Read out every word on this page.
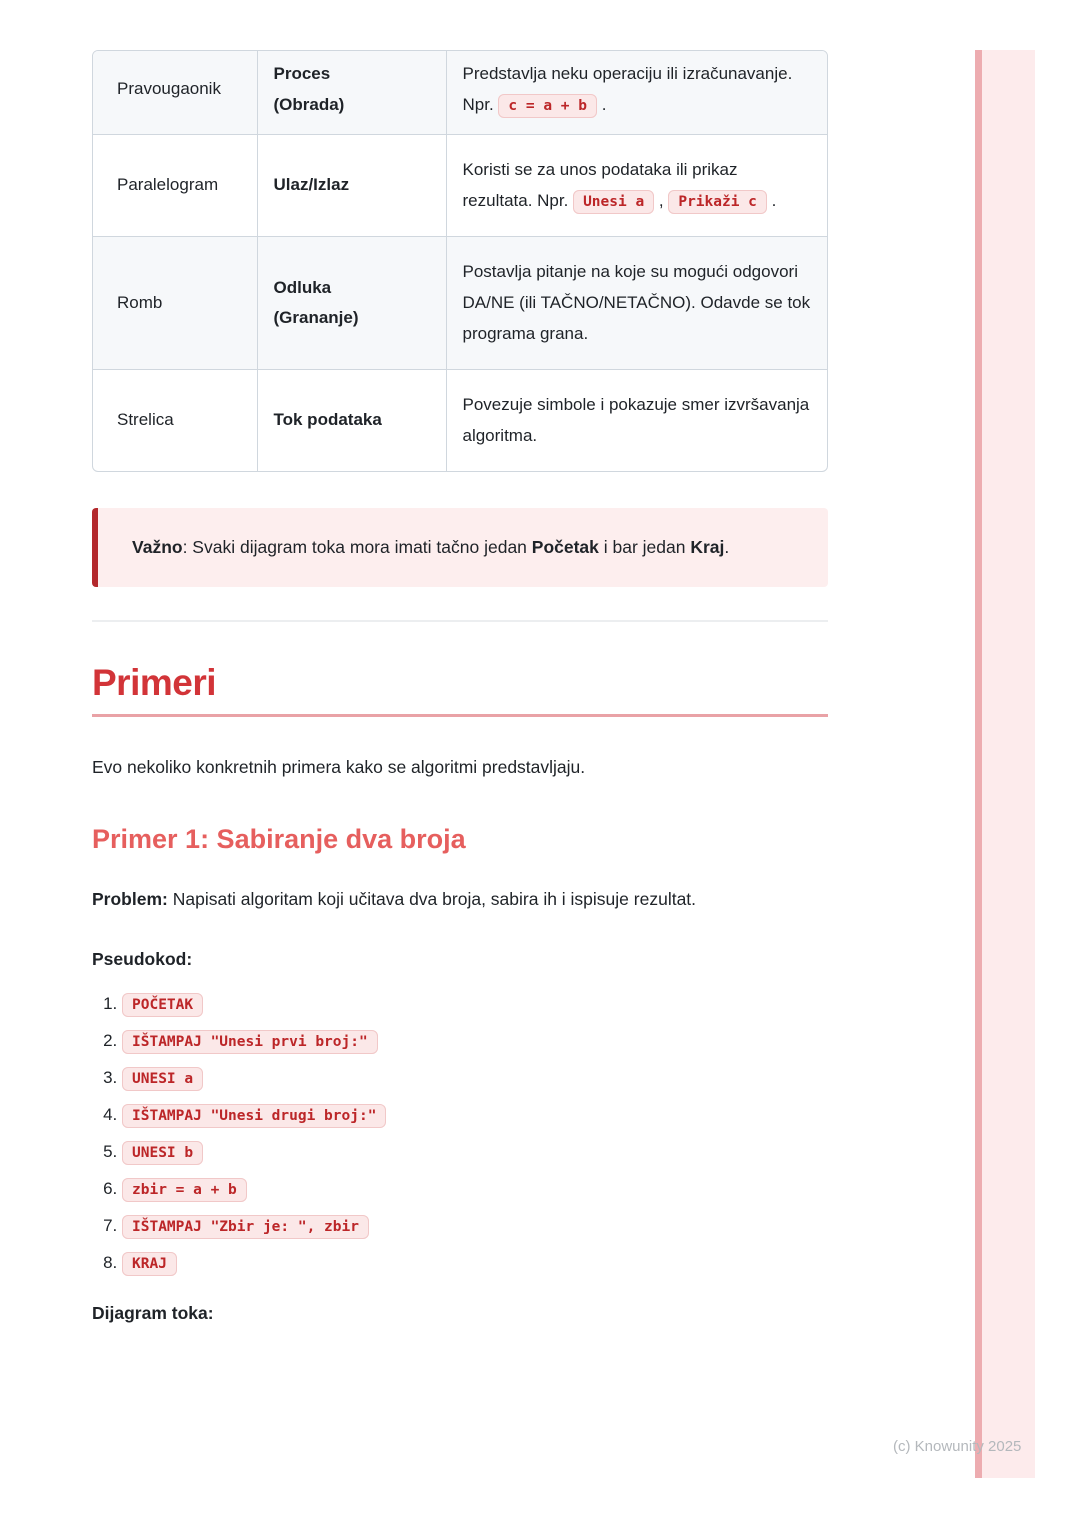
Pravougaonik	Proces (Obrada)	Predstavlja neku operaciju ili izračunavanje. Npr. c = a + b .
Paralelogram	Ulaz/Izlaz	Koristi se za unos podataka ili prikaz rezultata. Npr. Unesi a , Prikaži c .
Romb	Odluka (Grananje)	Postavlja pitanje na koje su mogući odgovori DA/NE (ili TAČNO/NETAČNO). Odavde se tok programa grana.
Strelica	Tok podataka	Povezuje simbole i pokazuje smer izvršavanja algoritma.
Važno: Svaki dijagram toka mora imati tačno jedan Početak i bar jedan Kraj.
Primeri

Evo nekoliko konkretnih primera kako se algoritmi predstavljaju.

Primer 1: Sabiranje dva broja

Problem: Napisati algoritam koji učitava dva broja, sabira ih i ispisuje rezultat.

Pseudokod:

1. POČETAK
2. IŠTAMPAJ "Unesi prvi broj:"
3. UNESI a
4. IŠTAMPAJ "Unesi drugi broj:"
5. UNESI b
6. zbir = a + b
7. IŠTAMPAJ "Zbir je: ", zbir
8. KRAJ

Dijagram toka:

(c) Knowunity 2025
